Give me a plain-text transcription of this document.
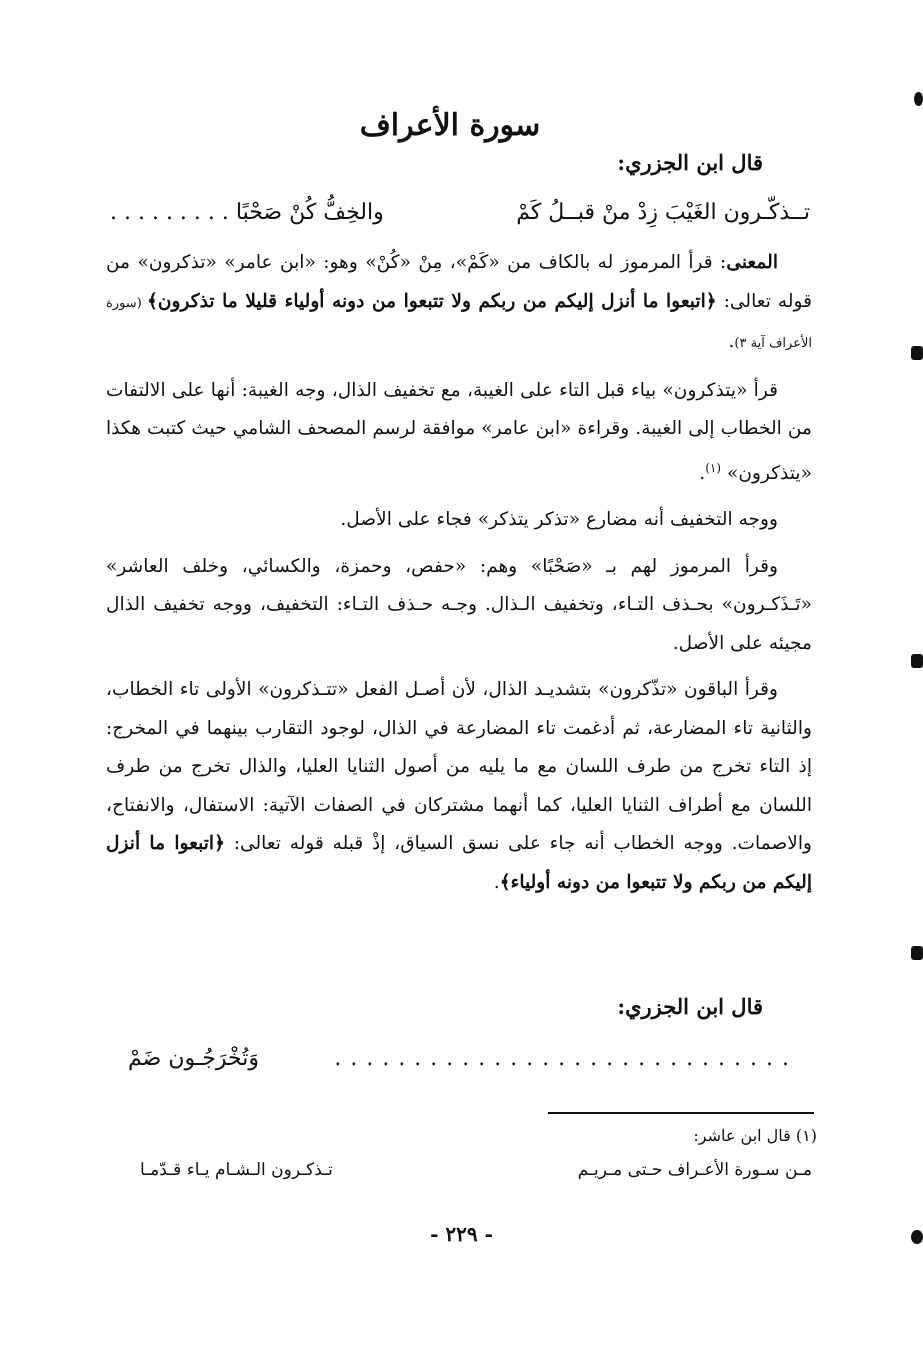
سورة الأعراف
قال ابن الجزري:
تــذكّـرون الغَيْبَ زِدْ منْ قبــلُ كَمْ
والخِفُّ كُنْ صَحْبًا . . . . . . . . .

المعنى: قرأ المرموز له بالكاف من «كَمْ»، مِنْ «كُنْ» وهو: «ابن عامر» «تذكرون» من قوله تعالى: ﴿اتبعوا ما أنزل إليكم من ربكم ولا تتبعوا من دونه أولياء قليلا ما تذكرون﴾ (سورة الأعراف آية ٣).

قرأ «يتذكرون» بياء قبل التاء على الغيبة، مع تخفيف الذال، وجه الغيبة: أنها على الالتفات من الخطاب إلى الغيبة. وقراءة «ابن عامر» موافقة لرسم المصحف الشامي حيث كتبت هكذا «يتذكرون» $^{(١)}$.

ووجه التخفيف أنه مضارع «تذكر يتذكر» فجاء على الأصل.

وقرأ المرموز لهم بـ «صَحْبًا» وهم: «حفص، وحمزة، والكسائي، وخلف العاشر» «تَـذَكـرون» بحـذف التـاء، وتخفيف الـذال. وجـه حـذف التـاء: التخفيف، ووجه تخفيف الذال مجيئه على الأصل.

وقرأ الباقون «تذّكرون» بتشديـد الذال، لأن أصـل الفعل «تتـذكرون» الأولى تاء الخطاب، والثانية تاء المضارعة، ثم أدغمت تاء المضارعة في الذال، لوجود التقارب بينهما في المخرج: إذ التاء تخرج من طرف اللسان مع ما يليه من أصول الثنايا العليا، والذال تخرج من طرف اللسان مع أطراف الثنايا العليا، كما أنهما مشتركان في الصفات الآتية: الاستفال، والانفتاح، والاصمات. ووجه الخطاب أنه جاء على نسق السياق، إذْ قبله قوله تعالى: ﴿اتبعوا ما أنزل إليكم من ربكم ولا تتبعوا من دونه أولياء﴾.

قال ابن الجزري:
. . . . . . . . . . . . . . . . . . . . . . . . . . . . .
وَتُخْرَجُـون ضَمْ
(١) قال ابن عاشر:
مـن سـورة الأعـراف حـتى مـريـم
تـذكـرون الـشـام يـاء قـدّمـا
- ٢٢٩ -
